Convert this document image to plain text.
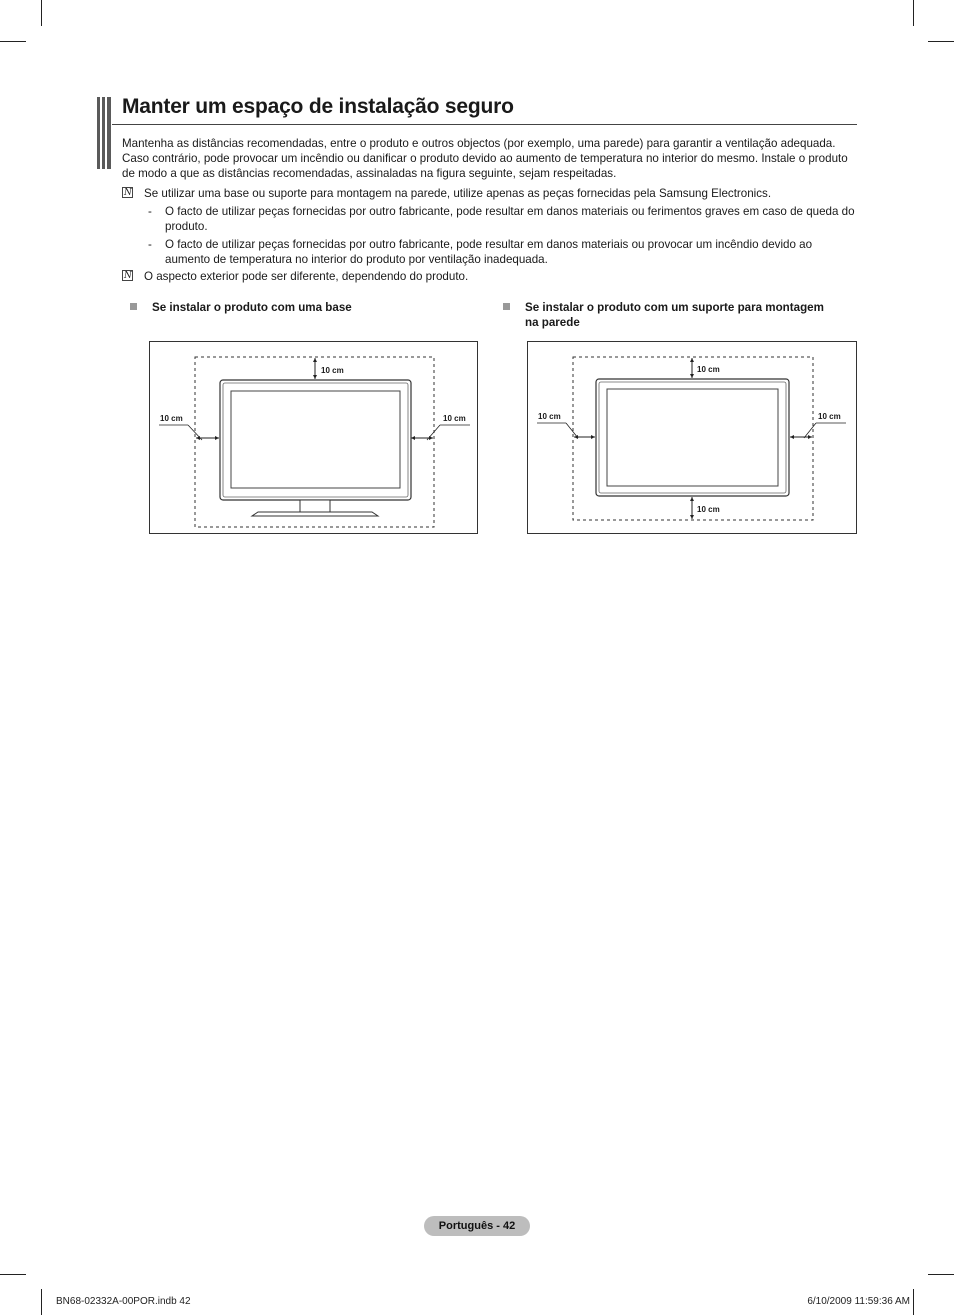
Manter um espaço de instalação seguro
Mantenha as distâncias recomendadas, entre o produto e outros objectos (por exemplo, uma parede) para garantir a ventilação adequada. Caso contrário, pode provocar um incêndio ou danificar o produto devido ao aumento de temperatura no interior do mesmo. Instale o produto de modo a que as distâncias recomendadas, assinaladas na figura seguinte, sejam respeitadas.
N
Se utilizar uma base ou suporte para montagem na parede, utilize apenas as peças fornecidas pela Samsung Electronics.
- O facto de utilizar peças fornecidas por outro fabricante, pode resultar em danos materiais ou ferimentos graves em caso de queda do produto.
- O facto de utilizar peças fornecidas por outro fabricante, pode resultar em danos materiais ou provocar um incêndio devido ao aumento de temperatura no interior do produto por ventilação inadequada.
N
O aspecto exterior pode ser diferente, dependendo do produto.
Se instalar o produto com uma base	Se instalar o produto com um suporte para montagem na parede
10 cm
10 cm	10 cm
10 cm
10 cm
10 cm	10 cm
Português - 42
BN68-02332A-00POR.indb 42	6/10/2009 11:59:36 AM
